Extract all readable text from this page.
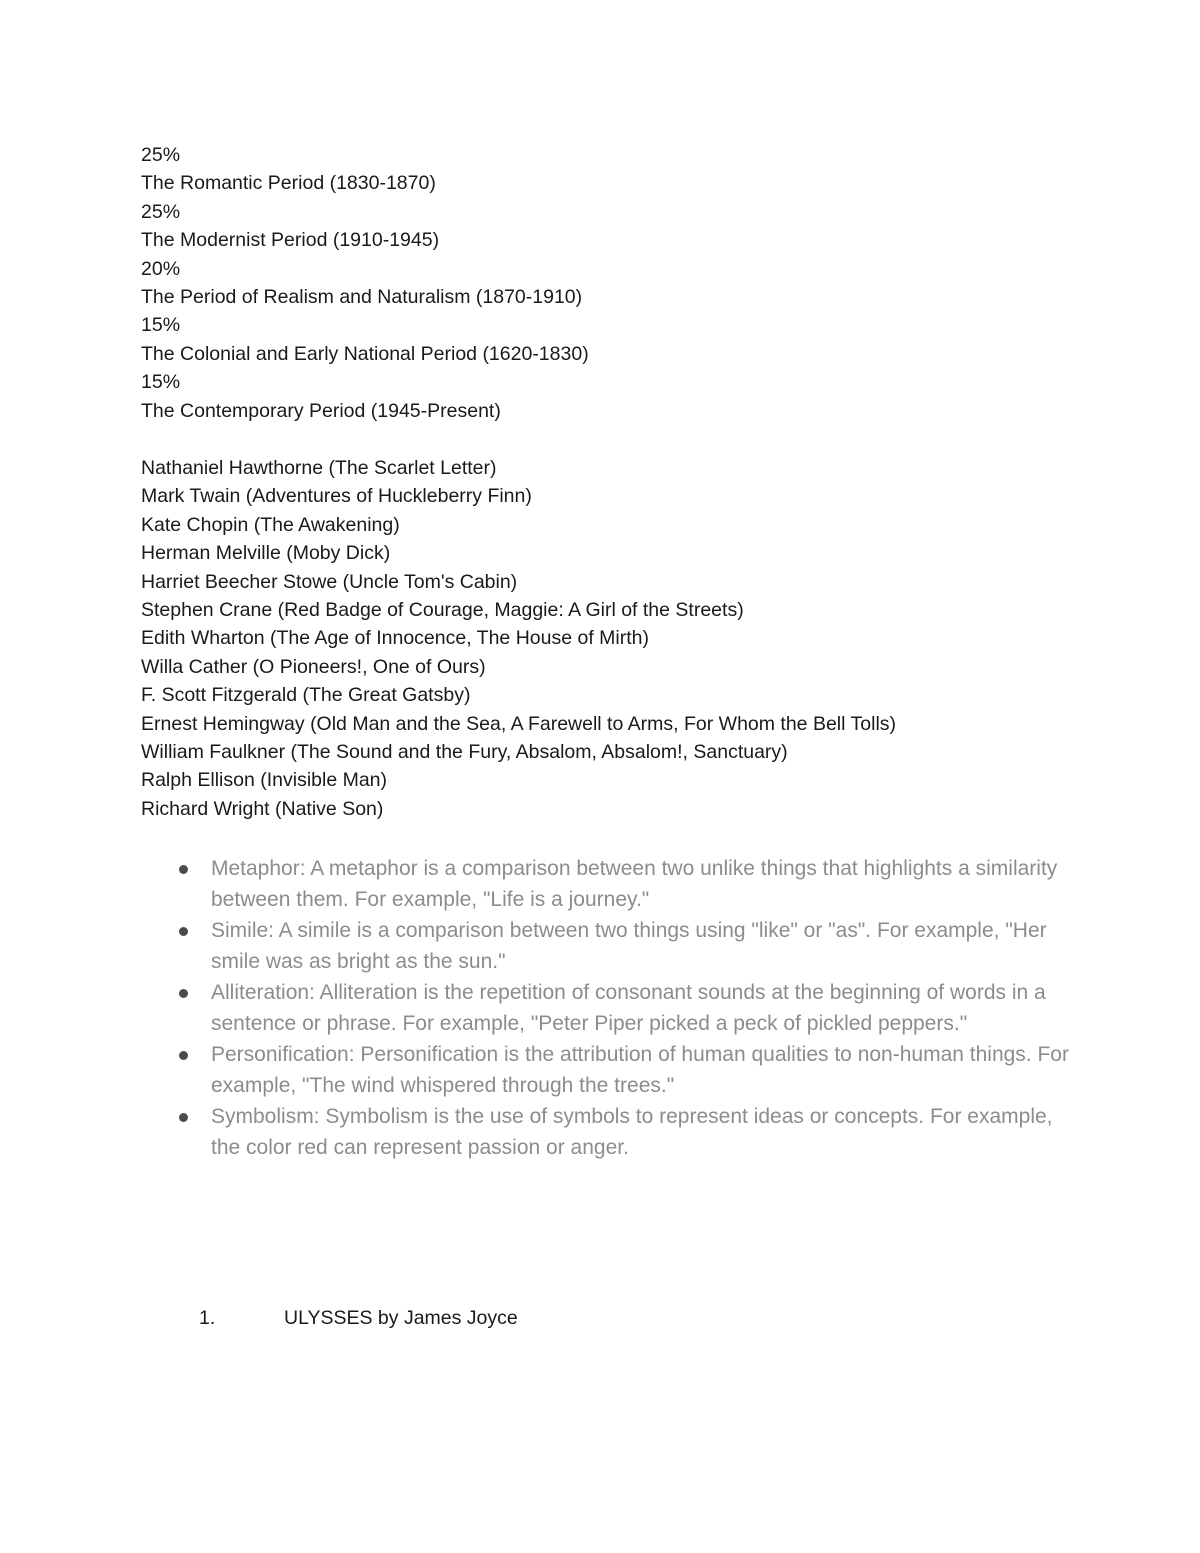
25%
The Romantic Period (1830-1870)
25%
The Modernist Period (1910-1945)
20%
The Period of Realism and Naturalism (1870-1910)
15%
The Colonial and Early National Period (1620-1830)
15%
The Contemporary Period (1945-Present)
Nathaniel Hawthorne (The Scarlet Letter)
Mark Twain (Adventures of Huckleberry Finn)
Kate Chopin (The Awakening)
Herman Melville (Moby Dick)
Harriet Beecher Stowe (Uncle Tom's Cabin)
Stephen Crane (Red Badge of Courage, Maggie: A Girl of the Streets)
Edith Wharton (The Age of Innocence, The House of Mirth)
Willa Cather (O Pioneers!, One of Ours)
F. Scott Fitzgerald (The Great Gatsby)
Ernest Hemingway (Old Man and the Sea, A Farewell to Arms, For Whom the Bell Tolls)
William Faulkner (The Sound and the Fury, Absalom, Absalom!, Sanctuary)
Ralph Ellison (Invisible Man)
Richard Wright (Native Son)
Metaphor: A metaphor is a comparison between two unlike things that highlights a similarity between them. For example, "Life is a journey."
Simile: A simile is a comparison between two things using "like" or "as". For example, "Her smile was as bright as the sun."
Alliteration: Alliteration is the repetition of consonant sounds at the beginning of words in a sentence or phrase. For example, "Peter Piper picked a peck of pickled peppers."
Personification: Personification is the attribution of human qualities to non-human things. For example, "The wind whispered through the trees."
Symbolism: Symbolism is the use of symbols to represent ideas or concepts. For example, the color red can represent passion or anger.
1.	ULYSSES by James Joyce
